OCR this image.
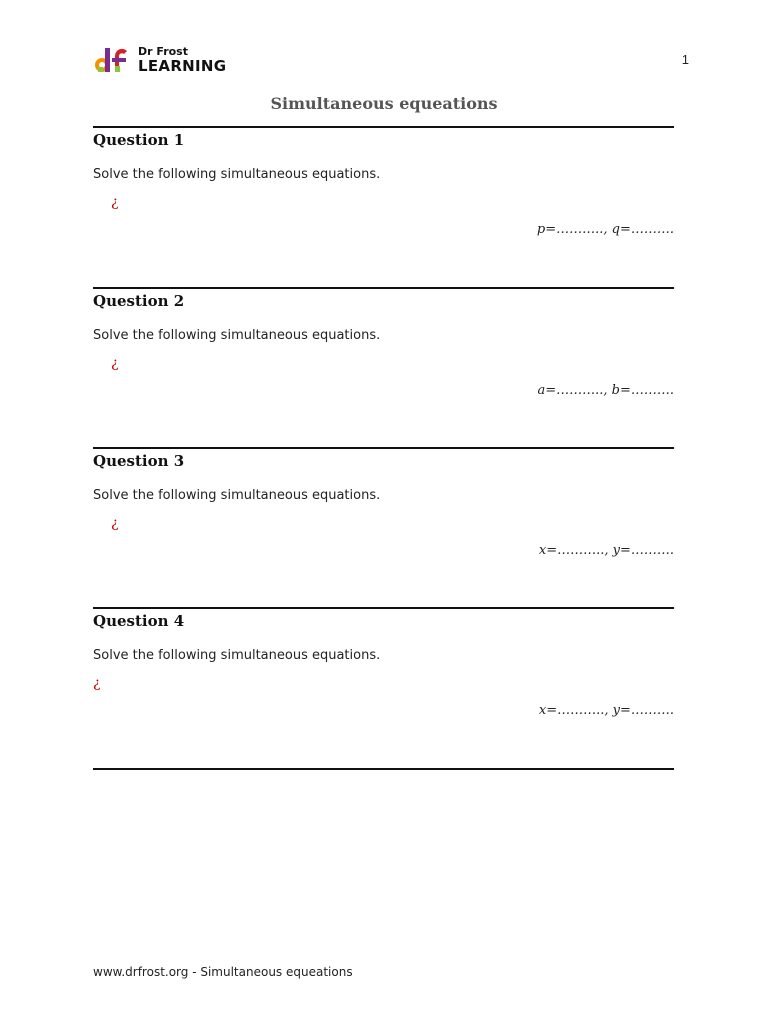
Dr Frost
LEARNING	1
Simultaneous equeations
Question 1
Solve the following simultaneous equations.
¿
p=……….., q=……….
Question 2
Solve the following simultaneous equations.
¿
a=……….., b=……….
Question 3
Solve the following simultaneous equations.
¿
x=……….., y=……….
Question 4
Solve the following simultaneous equations.
¿
x=……….., y=……….
www.drfrost.org - Simultaneous equeations
